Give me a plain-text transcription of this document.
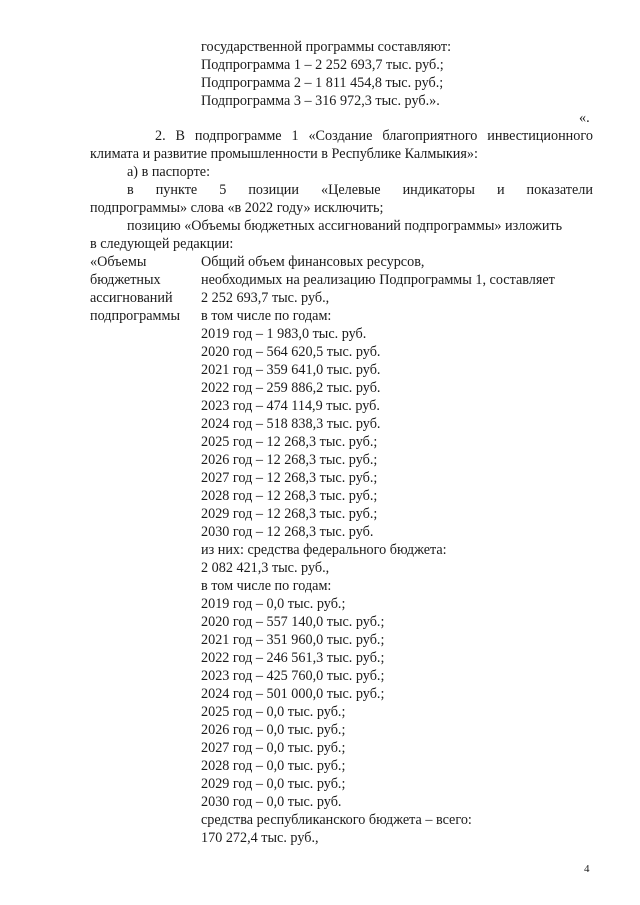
государственной программы составляют:
Подпрограмма 1 – 2 252 693,7 тыс. руб.;
Подпрограмма 2 – 1 811 454,8 тыс. руб.;
Подпрограмма 3 – 316 972,3 тыс. руб.».
«.
2. В подпрограмме 1 «Создание благоприятного инвестиционного
климата и развитие промышленности в Республике Калмыкия»:
а) в паспорте:
в пункте 5 позиции «Целевые индикаторы и показатели
подпрограммы» слова «в 2022 году» исключить;
позицию «Объемы бюджетных ассигнований подпрограммы» изложить
в следующей редакции:
«Объемы
бюджетных
ассигнований
подпрограммы
Общий объем финансовых ресурсов,
необходимых на реализацию Подпрограммы 1, составляет
2 252 693,7 тыс. руб.,
в том числе по годам:
2019 год – 1 983,0 тыс. руб.
2020 год – 564 620,5 тыс. руб.
2021 год – 359 641,0 тыс. руб.
2022 год – 259 886,2 тыс. руб.
2023 год – 474 114,9 тыс. руб.
2024 год – 518 838,3 тыс. руб.
2025 год – 12 268,3 тыс. руб.;
2026 год – 12 268,3 тыс. руб.;
2027 год – 12 268,3 тыс. руб.;
2028 год – 12 268,3 тыс. руб.;
2029 год – 12 268,3 тыс. руб.;
2030 год – 12 268,3 тыс. руб.
из них: средства федерального бюджета:
2 082 421,3 тыс. руб.,
в том числе по годам:
2019 год – 0,0 тыс. руб.;
2020 год – 557 140,0 тыс. руб.;
2021 год – 351 960,0 тыс. руб.;
2022 год – 246 561,3 тыс. руб.;
2023 год – 425 760,0 тыс. руб.;
2024 год – 501 000,0 тыс. руб.;
2025 год – 0,0 тыс. руб.;
2026 год – 0,0 тыс. руб.;
2027 год – 0,0 тыс. руб.;
2028 год – 0,0 тыс. руб.;
2029 год – 0,0 тыс. руб.;
2030 год – 0,0 тыс. руб.
средства республиканского бюджета – всего:
170 272,4 тыс. руб.,
4
